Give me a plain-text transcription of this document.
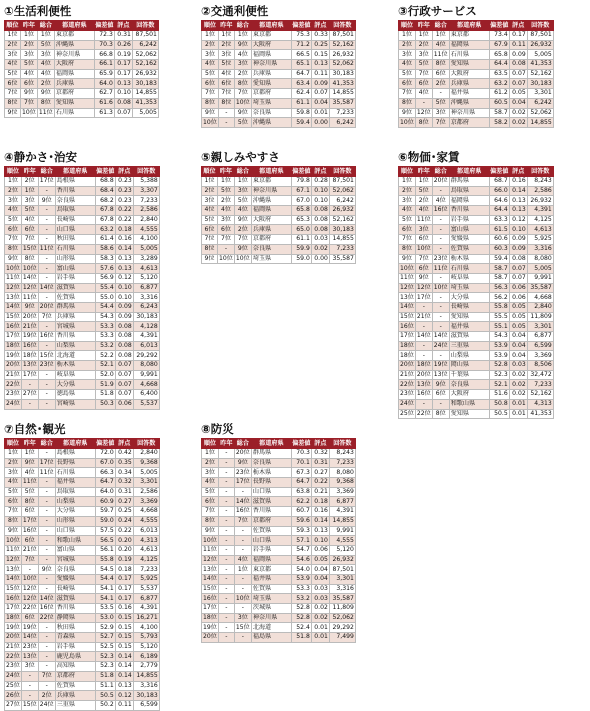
①生活利便性
順位	昨年	総合	都道府県	偏差値	評点	回答数
1位	1位	1位	東京都	72.3	0.31	87,501
2位	2位	5位	沖縄県	70.3	0.26	6,242
3位	3位	3位	神奈川県	66.8	0.19	52,062
4位	5位	4位	大阪府	66.1	0.17	52,162
5位	4位	4位	福岡県	65.9	0.17	26,932
6位	6位	2位	兵庫県	64.0	0.13	30,183
7位	9位	9位	京都府	62.7	0.10	14,855
8位	7位	8位	愛知県	61.6	0.08	41,353
9位	10位	11位	石川県	61.3	0.07	5,005
②交通利便性
順位	昨年	総合	都道府県	偏差値	評点	回答数
1位	1位	1位	東京都	75.3	0.33	87,501
2位	2位	9位	大阪府	71.2	0.25	52,162
3位	3位	4位	福岡県	66.5	0.15	26,932
4位	5位	3位	神奈川県	65.1	0.13	52,062
5位	4位	2位	兵庫県	64.7	0.11	30,183
6位	6位	8位	愛知県	63.4	0.09	41,353
7位	7位	7位	京都府	62.4	0.07	14,855
8位	8位	10位	埼玉県	61.1	0.04	35,587
9位	-	9位	奈良県	59.8	0.01	7,233
10位	-	5位	沖縄県	59.4	0.00	6,242
③行政サービス
順位	昨年	総合	都道府県	偏差値	評点	回答数
1位	1位	1位	東京都	73.4	0.17	87,501
2位	2位	4位	福岡県	67.9	0.11	26,932
3位	3位	11位	石川県	65.8	0.09	5,005
4位	5位	8位	愛知県	64.4	0.08	41,353
5位	7位	6位	大阪府	63.5	0.07	52,162
6位	6位	2位	兵庫県	63.2	0.07	30,183
7位	4位	-	福井県	61.2	0.05	3,301
8位	-	5位	沖縄県	60.5	0.04	6,242
9位	12位	3位	神奈川県	58.7	0.02	52,062
10位	8位	7位	京都府	58.2	0.02	14,855
④静かさ･治安
順位	昨年	総合	都道府県	偏差値	評点	回答数
1位	2位	17位	島根県	68.8	0.23	5,388
2位	1位	-	香川県	68.4	0.23	3,307
3位	3位	9位	奈良県	68.2	0.23	7,233
4位	5位	-	鳥取県	67.8	0.22	2,586
5位	4位	-	長崎県	67.8	0.22	2,840
6位	6位	-	山口県	63.2	0.18	4,555
7位	7位	-	秋田県	61.4	0.16	4,100
8位	15位	11位	石川県	58.6	0.14	5,005
9位	8位	-	山形県	58.3	0.13	3,289
10位	10位	-	富山県	57.6	0.13	4,613
11位	14位	-	岩手県	56.9	0.12	5,120
12位	12位	14位	滋賀県	55.4	0.10	6,877
13位	11位	-	佐賀県	55.0	0.10	3,316
14位	9位	20位	群馬県	54.4	0.09	6,243
15位	20位	7位	兵庫県	54.3	0.09	30,183
16位	21位	-	宮城県	53.3	0.08	4,128
17位	19位	16位	香川県	53.3	0.08	4,391
18位	16位	-	山梨県	53.2	0.08	6,013
19位	18位	15位	北海道	52.2	0.08	29,292
20位	13位	23位	栃木県	52.1	0.07	8,080
21位	17位	-	岐阜県	52.0	0.07	9,991
22位	-	-	大分県	51.9	0.07	4,668
23位	27位	-	徳島県	51.8	0.07	6,400
24位	-	-	宮崎県	50.3	0.06	5,537
⑤親しみやすさ
順位	昨年	総合	都道府県	偏差値	評点	回答数
1位	1位	1位	東京都	79.8	0.28	87,501
2位	5位	3位	神奈川県	67.1	0.10	52,062
3位	2位	5位	沖縄県	67.0	0.10	6,242
4位	4位	4位	福岡県	65.8	0.08	26,932
5位	3位	9位	大阪府	65.3	0.08	52,162
6位	6位	2位	兵庫県	65.0	0.08	30,183
7位	7位	7位	京都府	61.1	0.03	14,855
8位	-	9位	奈良県	59.9	0.02	7,233
9位	10位	10位	埼玉県	59.0	0.00	35,587
⑥物価･家賃
順位	昨年	総合	都道府県	偏差値	評点	回答数
1位	1位	20位	群馬県	68.7	0.16	8,243
2位	5位	-	鳥取県	66.0	0.14	2,586
3位	2位	4位	福岡県	64.6	0.13	26,932
4位	4位	16位	香川県	64.4	0.13	4,391
5位	11位	-	岩手県	63.3	0.12	4,125
6位	3位	-	富山県	61.5	0.10	4,613
7位	6位	-	愛媛県	60.6	0.09	5,925
8位	10位	-	佐賀県	60.3	0.09	3,316
9位	7位	23位	栃木県	59.4	0.08	8,080
10位	6位	11位	石川県	58.7	0.07	5,005
11位	9位	-	岐阜県	58.7	0.07	9,991
12位	12位	10位	埼玉県	56.3	0.06	35,587
13位	17位	-	大分県	56.2	0.06	4,668
14位	-	-	長崎県	55.8	0.05	2,840
15位	21位	-	愛知県	55.5	0.05	11,809
16位	-	-	福井県	55.1	0.05	3,301
17位	14位	14位	滋賀県	54.3	0.04	6,877
18位	-	24位	三重県	53.9	0.04	6,599
18位	-	-	山梨県	53.9	0.04	3,369
20位	18位	19位	岡山県	52.8	0.03	8,506
21位	20位	13位	千葉県	52.3	0.02	32,472
22位	13位	9位	奈良県	52.1	0.02	7,233
23位	16位	6位	大阪府	51.6	0.02	52,162
24位	-	-	和歌山県	50.8	0.01	4,313
25位	22位	8位	愛知県	50.5	0.01	41,353
⑦自然･観光
順位	昨年	総合	都道府県	偏差値	評点	回答数
1位	1位	-	島根県	72.0	0.42	2,840
2位	9位	17位	長野県	67.0	0.35	9,368
3位	4位	11位	石川県	66.3	0.34	5,005
4位	11位	-	福井県	64.7	0.32	3,301
5位	5位	-	鳥取県	64.0	0.31	2,586
6位	8位	-	山梨県	60.9	0.27	3,369
7位	6位	-	大分県	59.7	0.25	4,668
8位	17位	-	山形県	59.0	0.24	4,555
9位	16位	-	山口県	57.5	0.22	6,013
10位	6位	-	和歌山県	56.5	0.20	4,313
11位	21位	-	富山県	56.1	0.20	4,613
12位	7位	-	宮城県	55.8	0.19	4,125
13位	-	9位	奈良県	54.5	0.18	7,233
14位	10位	-	愛媛県	54.4	0.17	5,925
15位	12位	-	長崎県	54.1	0.17	5,537
16位	12位	14位	滋賀県	54.1	0.17	6,877
17位	22位	16位	香川県	53.5	0.16	4,391
18位	6位	22位	静岡県	53.0	0.15	16,271
19位	19位	-	秋田県	52.9	0.15	4,100
20位	14位	-	青森県	52.7	0.15	5,793
21位	23位	-	岩手県	52.5	0.15	5,120
22位	13位	-	鹿児島県	52.3	0.14	6,189
23位	3位	-	高知県	52.3	0.14	2,779
24位	-	7位	京都府	51.8	0.14	14,855
25位	-	-	佐賀県	51.1	0.13	3,316
26位	-	2位	兵庫県	50.5	0.12	30,183
27位	15位	24位	三重県	50.2	0.11	6,599
⑧防災
順位	昨年	総合	都道府県	偏差値	評点	回答数
1位	-	20位	群馬県	70.3	0.32	8,243
2位	-	9位	奈良県	70.1	0.31	7,233
3位	-	23位	栃木県	67.3	0.27	8,080
4位	-	17位	長野県	64.7	0.22	9,368
5位	-	-	山口県	63.8	0.21	3,369
6位	-	14位	滋賀県	62.2	0.18	6,877
7位	-	16位	香川県	60.7	0.16	4,391
8位	-	7位	京都府	59.6	0.14	14,855
9位	-	-	佐賀県	59.3	0.13	9,991
10位	-	-	山口県	57.1	0.10	4,555
11位	-	-	岩手県	54.7	0.06	5,120
12位	-	4位	福岡県	54.6	0.05	26,932
13位	-	1位	東京都	54.0	0.04	87,501
14位	-	-	福井県	53.9	0.04	3,301
15位	-	-	佐賀県	53.3	0.03	3,316
16位	-	10位	埼玉県	53.2	0.03	35,587
17位	-	-	茨城県	52.8	0.02	11,809
18位	-	3位	神奈川県	52.8	0.02	52,062
19位	-	15位	北海道	52.4	0.01	29,292
20位	-	-	福島県	51.8	0.01	7,499
